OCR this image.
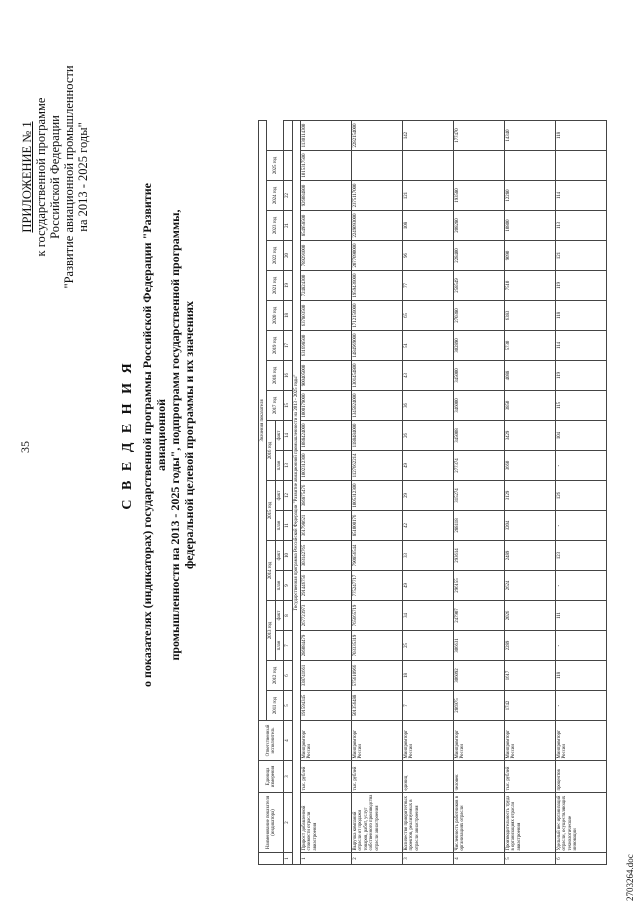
35
ПРИЛОЖЕНИЕ № 1 к государственной программе Российской Федерации "Развитие авиационной промышленности на 2013 - 2025 годы"
С В Е Д Е Н И Я о показателях (индикаторах) государственной программы Российской Федерации "Развитие авиационной промышленности на 2013 - 2025 годы", подпрограмм государственной программы, федеральной целевой программы и их значениях
	Наименование показателя (индикатора)	Единица измерения	Ответственный исполнитель	Значения показателя																			
				2011 год	2012 год	2013 год		2014 год		2015 год		2016 год		2017 год	2018 год	2019 год	2020 год	2021 год	2022 год	2023 год	2024 год	2025 год	
						план	факт	план	факт	план	факт	план	факт										
1	2	3	4	5	6	7	8	9	10	11	12	13	14	15	16	17	18	19	20	21	22		
Государственная программа Российской Федерации "Развитие авиационной промышленности на 2013 - 2025 годы"																							
1	Прирост добавленной стоимости отрасли авиастроения	тыс. рублей	Минпромторг России	191594345	338741661	286084479	267723973	291446756	303142765	361798621	386875476	1002312300	1088424000	1000179000	900405000	631698500	637803500	724824300	789291000	854958500	926084800	1015317500	1130114300
2	Выручка компаний отрасли от продажи товаров, работ, услуг собственного производства отрасли авиастроения	тыс. рублей	Минпромторг России	501356488	575610966	703335319	765665719	775247717	790856544	851000176	1005312300	1127662214	1188484000	1345824000	1301454800	1484969000	1712156000	1959436000	2077090000	2249093000	2375117000		2282154000
3	Количество приоритетных проектов, реализуемых в отрасли авиастроения	единиц	Минпромторг России	7	18	25	34	49	33	42	29	49	26	36	43	51	65	77	96	108	121		142
4	Численность работников в организациях отрасли	человек	Минпромторг России	286975	306092	306631	247907	296155	293614	288118	315274	277374	345008	346000	345000	302890	270380	258549	228400	208280	193580		177470
5	Производительность труда в организациях отрасли авиастроения	тыс. рублей	Минпромторг России	1742	1617	2289	2026	2624	2489	3204	3129	3660	3429	3850	4088	5730	6383	7510	9090	10800	12280		14340
6	Удельный вес организаций отрасли, осуществляющих технологические инновации	процентов	Минпромторг России	-	118	-	111	-	123	-	126	-	104	115	119	114	118	119	121	113	114		118
2703264.doc
